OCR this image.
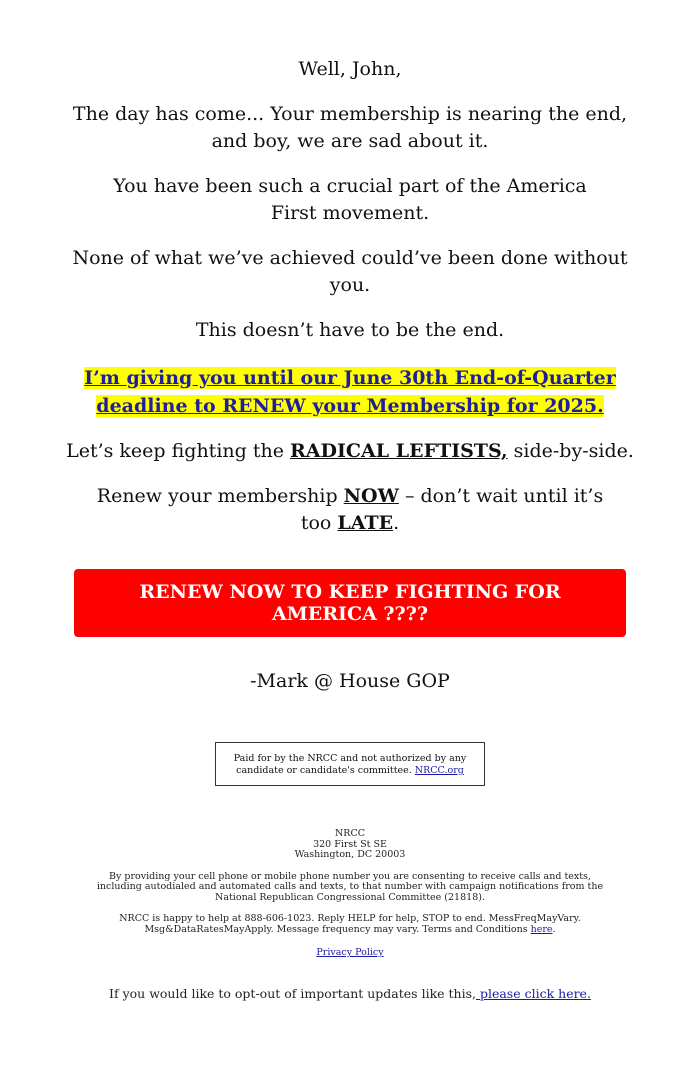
Well, John,

The day has come... Your membership is nearing the end, and boy, we are sad about it.

You have been such a crucial part of the America First movement.

None of what we’ve achieved could’ve been done without you.

This doesn’t have to be the end.

I’m giving you until our June 30th End-of-Quarter deadline to RENEW your Membership for 2025.

Let’s keep fighting the RADICAL LEFTISTS, side-by-side.

Renew your membership NOW – don’t wait until it’s too LATE.

RENEW NOW TO KEEP FIGHTING FOR AMERICA ????

-Mark @ House GOP

Paid for by the NRCC and not authorized by any candidate or candidate's committee. NRCC.org
NRCC
320 First St SE
Washington, DC 20003
By providing your cell phone or mobile phone number you are consenting to receive calls and texts, including autodialed and automated calls and texts, to that number with campaign notifications from the National Republican Congressional Committee (21818).
NRCC is happy to help at 888-606-1023. Reply HELP for help, STOP to end. MessFreqMayVary. Msg&DataRatesMayApply. Message frequency may vary. Terms and Conditions here.
Privacy Policy
If you would like to opt-out of important updates like this, please click here.
